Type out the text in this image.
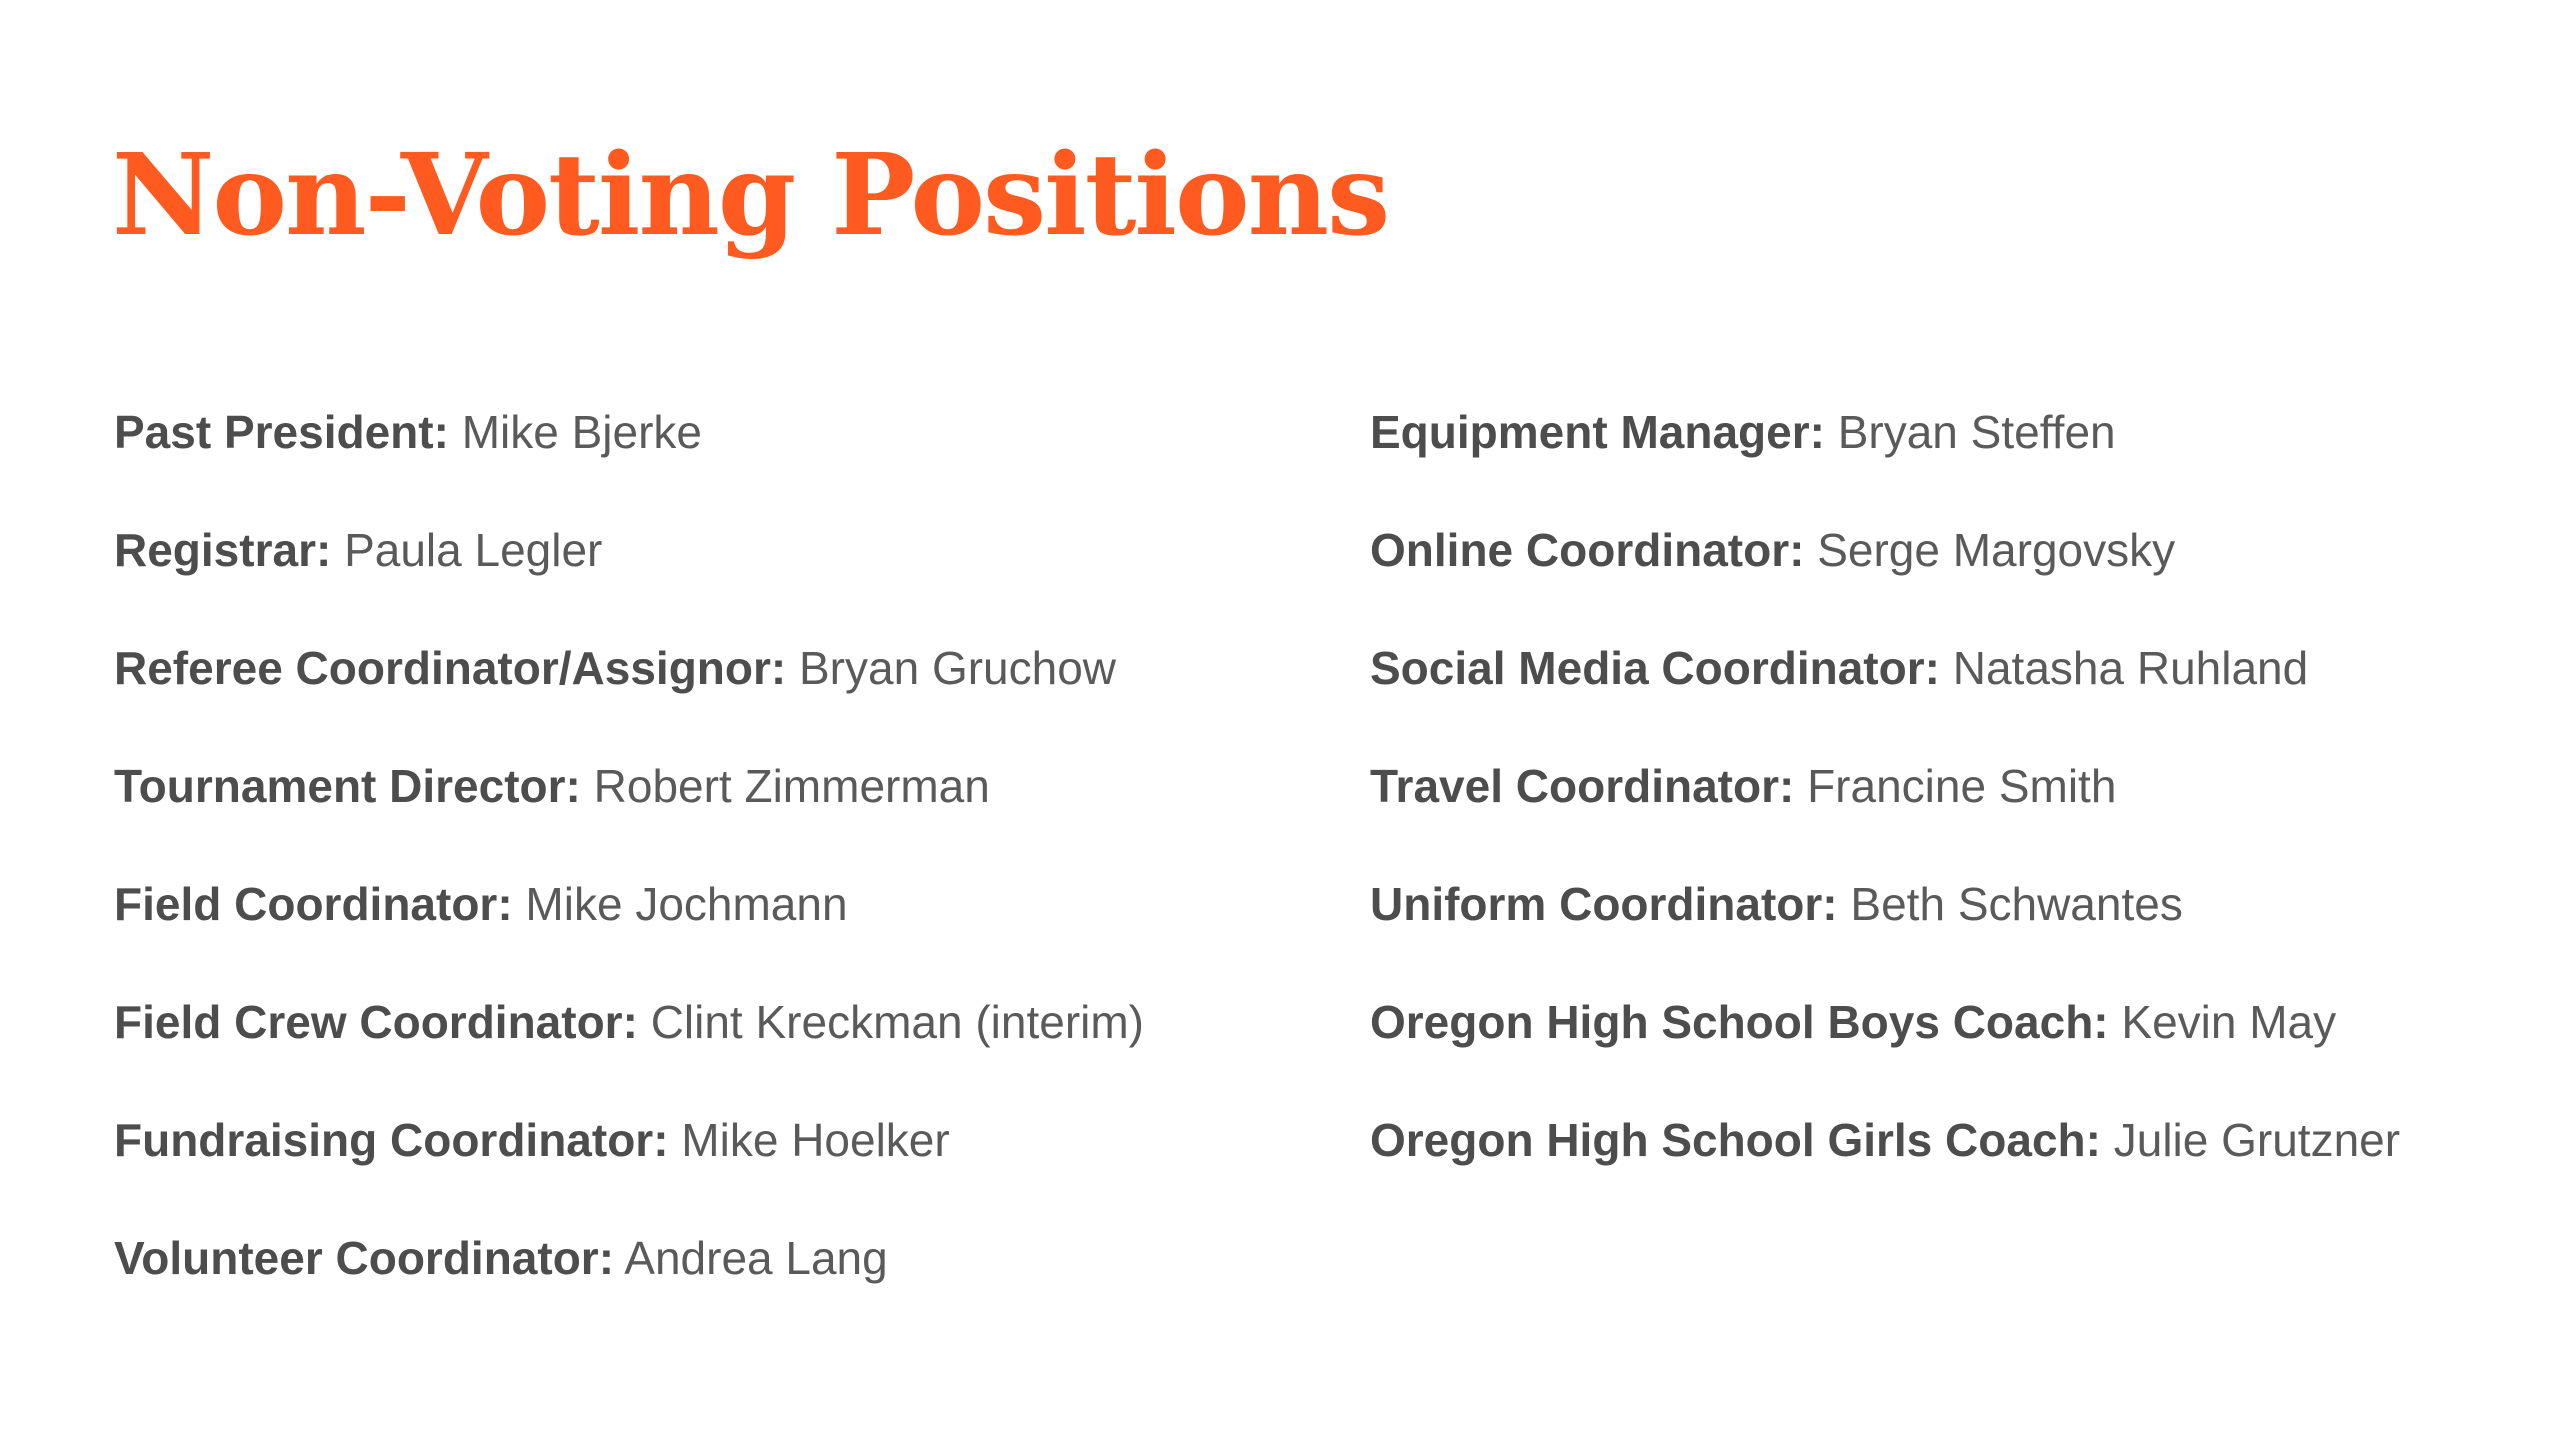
Non-Voting Positions
Past President: Mike Bjerke
Registrar: Paula Legler
Referee Coordinator/Assignor: Bryan Gruchow
Tournament Director: Robert Zimmerman
Field Coordinator: Mike Jochmann
Field Crew Coordinator: Clint Kreckman (interim)
Fundraising Coordinator: Mike Hoelker
Volunteer Coordinator: Andrea Lang
Equipment Manager: Bryan Steffen
Online Coordinator: Serge Margovsky
Social Media Coordinator: Natasha Ruhland
Travel Coordinator: Francine Smith
Uniform Coordinator: Beth Schwantes
Oregon High School Boys Coach: Kevin May
Oregon High School Girls Coach: Julie Grutzner
